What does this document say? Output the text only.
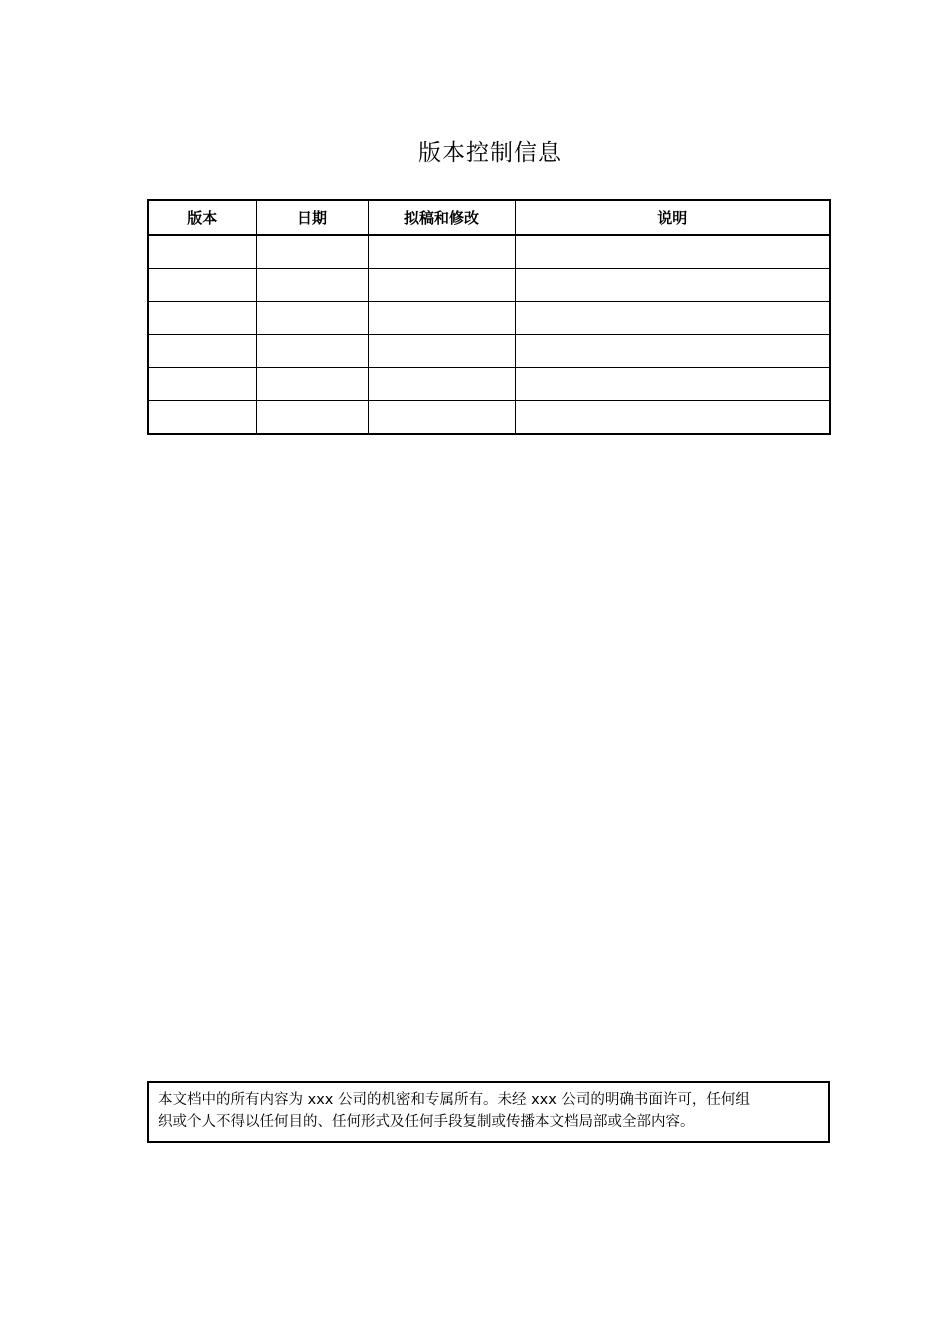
版本控制信息
版本	日期	拟稿和修改	说明

本文档中的所有内容为 xxx 公司的机密和专属所有。未经 xxx 公司的明确书面许可，任何组
织或个人不得以任何目的、任何形式及任何手段复制或传播本文档局部或全部内容。
